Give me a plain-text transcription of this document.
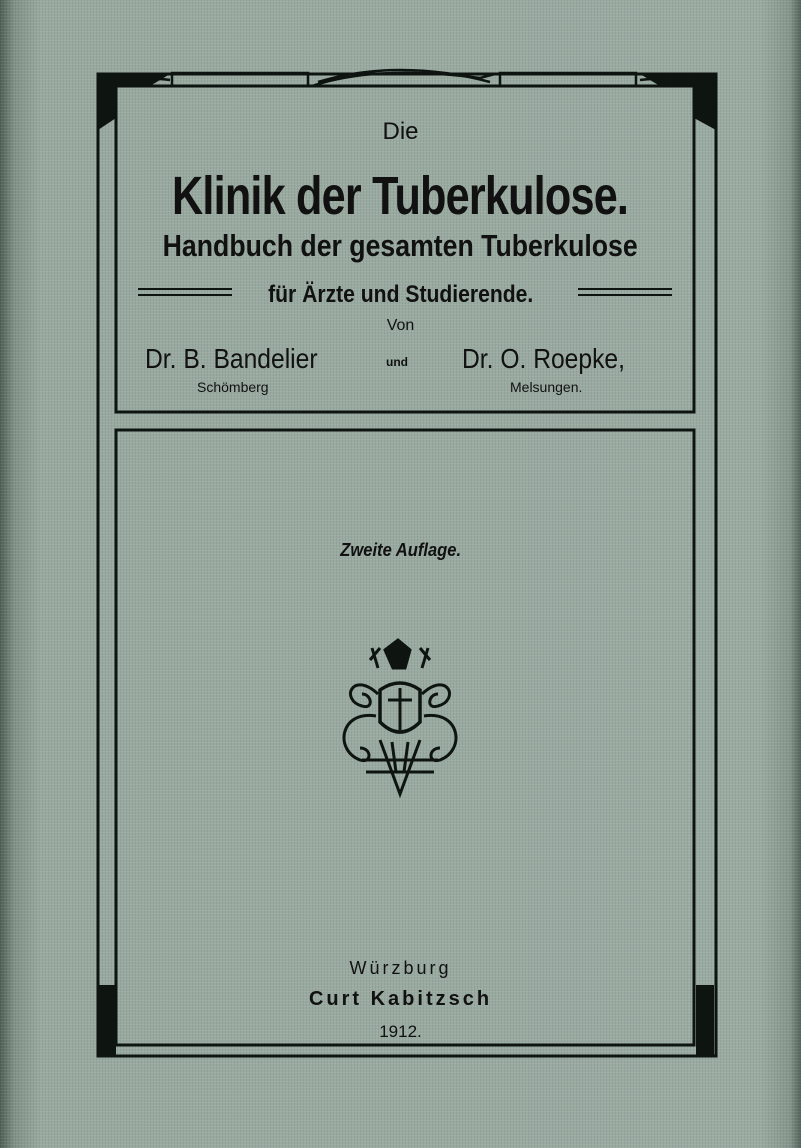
Die
Klinik der Tuberkulose.
Handbuch der gesamten Tuberkulose
für Ärzte und Studierende.
Von
Dr. B. Bandelier
Schömberg
und Dr. O. Roepke,
Melsungen.
Zweite Auflage.
Würzburg
Curt Kabitzsch
1912.
